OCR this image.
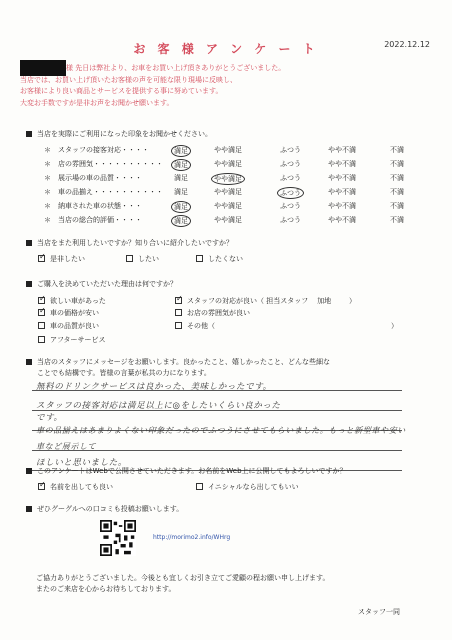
2022.12.12
お 客 様 ア ン ケ ー ト
様 先日は弊社より、お車をお買い上げ頂きありがとうございました。
当店では、お買い上げ頂いたお客様の声を可能な限り現場に反映し、
お客様により良い商品とサービスを提供する事に努めています。
大変お手数ですが是非お声をお聞かせ願います。
当店を実際にご利用になった印象をお聞かせください。
＊ スタッフの接客対応・・・・	満足	やや満足	ふつう	やや不満	不満
＊ 店の雰囲気・・・・・・・・・・	満足	やや満足	ふつう	やや不満	不満
＊ 展示場の車の品質・・・・	満足	やや満足	ふつう	やや不満	不満
＊ 車の品揃え・・・・・・・・・・ 満足	やや満足	ふつう	やや不満	不満
＊ 納車された車の状態・・・	満足	やや満足	ふつう	やや不満	不満
＊ 当店の総合的評価・・・・	満足	やや満足	ふつう	やや不満	不満
当店をまた利用したいですか？知り合いに紹介したいですか？
✓是非したい	したい	したくない
ご購入を決めていただいた理由は何ですか？
✓欲しい車があった
✓車の価格が安い
車の品質が良い
アフターサービス
✓スタッフの対応が良い（ 担当スタッフ 加地	）
お店の雰囲気が良い
その他（	）
当店のスタッフにメッセージをお願いします。良かったこと、嬉しかったこと、どんな些細な
ことでも結構です。皆様の言葉が私共の力になります。
無料のドリンクサービスは良かった、美味しかったです。
スタッフの接客対応は満足以上に◎をしたいくらい良かった
です。
車の品揃えはあまりよくない印象だったのでふつうにさせてもらいました。もっと新型車や安い車など展示して
ほしいと思いました。
このアンケートはWebで公開させていただきます。お名前をWeb上に公開してもよろしいですか？
✓名前を出しても良い	イニシャルなら出してもいい
ぜひグーグルへの口コミも投稿お願いします。
http://morimo2.info/WHrg
ご協力ありがとうございました。今後とも宜しくお引き立てご愛顧の程お願い申し上げます。
またのご来店を心からお待ちしております。
スタッフ一同
